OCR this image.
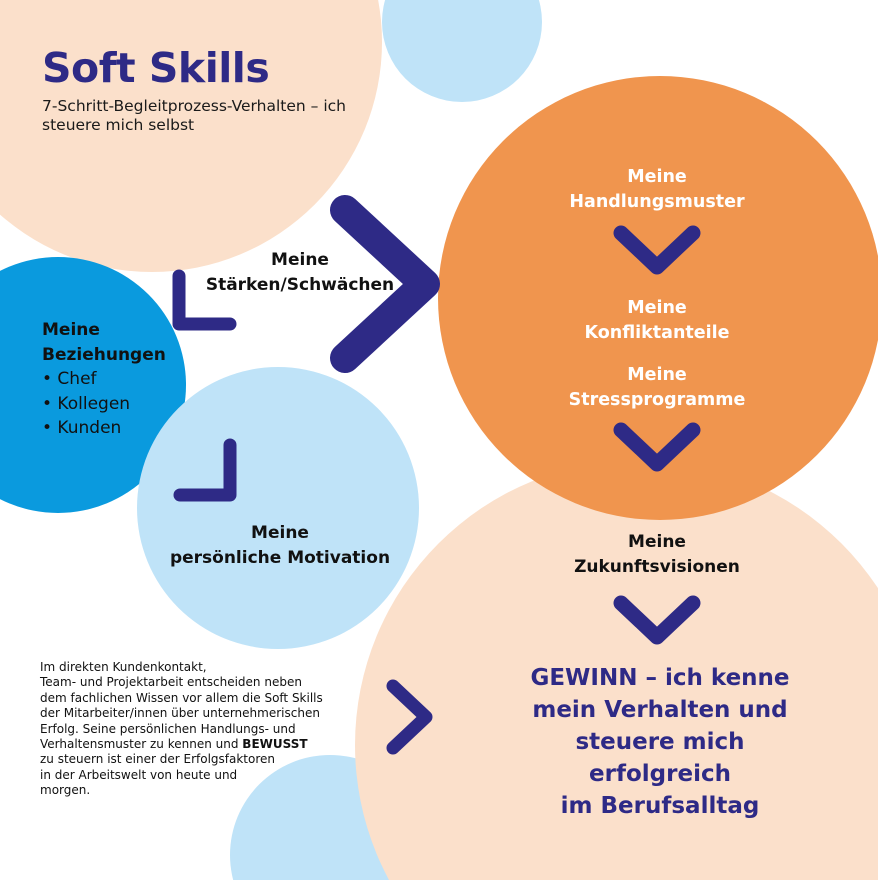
Soft Skills

7-Schritt-Begleitprozess-Verhalten – ich steuere mich selbst

Meine
Stärken/Schwächen
Meine
Handlungsmuster
Meine
Konfliktanteile
Meine
Stressprogramme
Meine
Beziehungen
• Chef
• Kollegen
• Kunden
Meine
persönliche Motivation
Meine
Zukunftsvisionen
GEWINN – ich kenne
mein Verhalten und
steuere mich
erfolgreich
im Berufsalltag
Im direkten Kundenkontakt,
Team- und Projektarbeit entscheiden neben
dem fachlichen Wissen vor allem die Soft Skills
der Mitarbeiter/innen über unternehmerischen
Erfolg. Seine persönlichen Handlungs- und
Verhaltensmuster zu kennen und BEWUSST
zu steuern ist einer der Erfolgsfaktoren
in der Arbeitswelt von heute und
morgen.
